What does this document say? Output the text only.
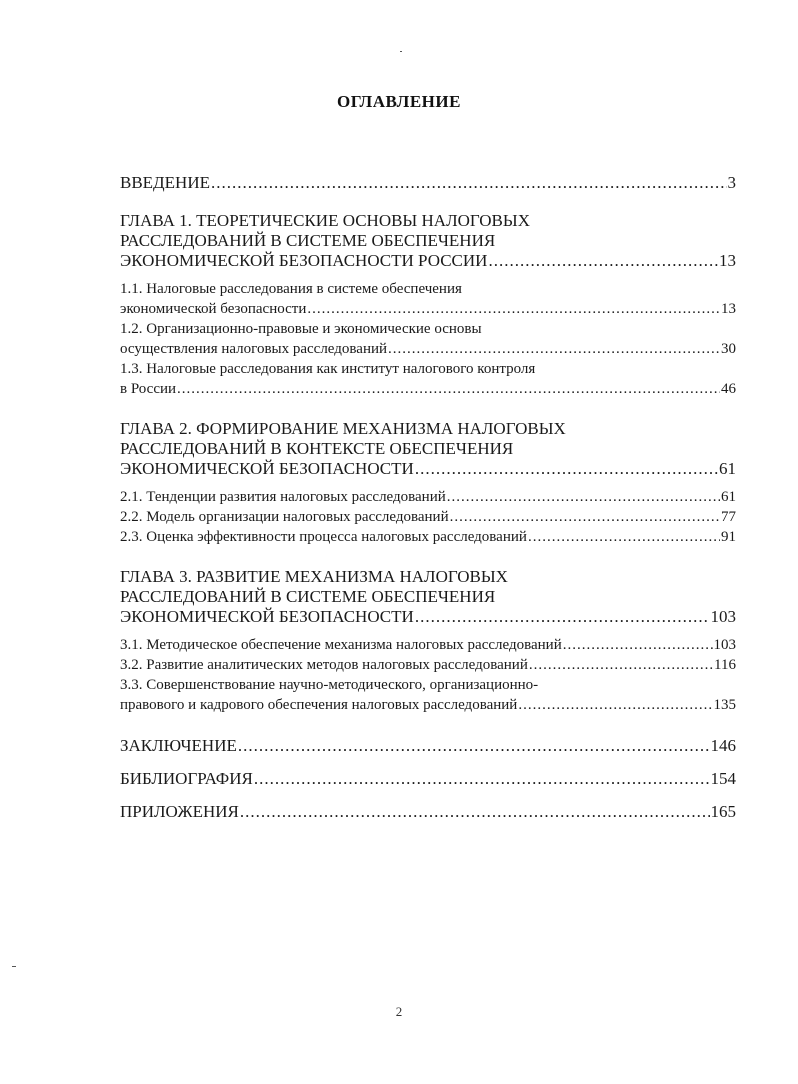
ОГЛАВЛЕНИЕ
ВВЕДЕНИЕ .....	3
ГЛАВА 1. ТЕОРЕТИЧЕСКИЕ ОСНОВЫ НАЛОГОВЫХ
РАССЛЕДОВАНИЙ В СИСТЕМЕ ОБЕСПЕЧЕНИЯ
ЭКОНОМИЧЕСКОЙ БЕЗОПАСНОСТИ РОССИИ .....	13
1.1. Налоговые расследования в системе обеспечения
экономической безопасности .....	13
1.2. Организационно-правовые и экономические основы
осуществления налоговых расследований .....	30
1.3. Налоговые расследования как институт налогового контроля
в России .....	46
ГЛАВА 2. ФОРМИРОВАНИЕ МЕХАНИЗМА НАЛОГОВЫХ
РАССЛЕДОВАНИЙ В КОНТЕКСТЕ ОБЕСПЕЧЕНИЯ
ЭКОНОМИЧЕСКОЙ БЕЗОПАСНОСТИ .....	61
2.1. Тенденции развития налоговых расследований .....	61
2.2. Модель организации налоговых расследований .....	77
2.3. Оценка эффективности процесса налоговых расследований .....	91
ГЛАВА 3. РАЗВИТИЕ МЕХАНИЗМА НАЛОГОВЫХ
РАССЛЕДОВАНИЙ В СИСТЕМЕ ОБЕСПЕЧЕНИЯ
ЭКОНОМИЧЕСКОЙ БЕЗОПАСНОСТИ .....	103
3.1. Методическое обеспечение механизма налоговых расследований .....	103
3.2. Развитие аналитических методов налоговых расследований .....	116
3.3. Совершенствование научно-методического, организационно-
правового и кадрового обеспечения налоговых расследований .....	135
ЗАКЛЮЧЕНИЕ .....	146
БИБЛИОГРАФИЯ .....	154
ПРИЛОЖЕНИЯ .....	165
2
